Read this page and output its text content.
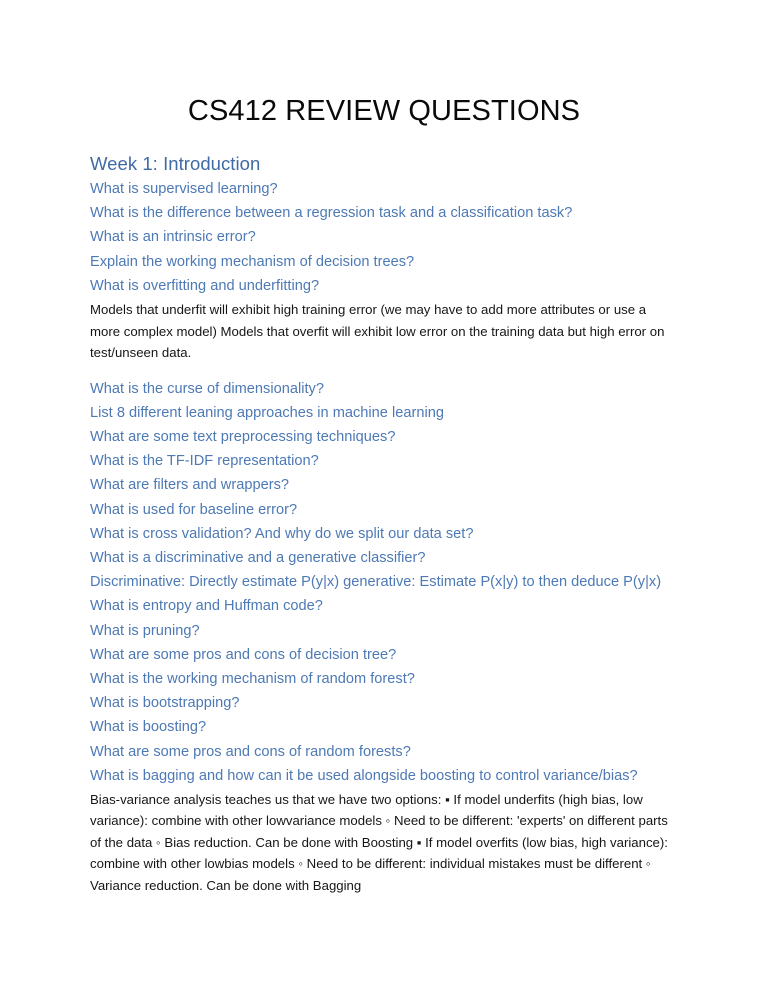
CS412 REVIEW QUESTIONS
Week 1: Introduction

What is supervised learning?

What is the difference between a regression task and a classification task?

What is an intrinsic error?

Explain the working mechanism of decision trees?

What is overfitting and underfitting?

Models that underfit will exhibit high training error (we may have to add more attributes or use a more complex model) Models that overfit will exhibit low error on the training data but high error on test/unseen data.

What is the curse of dimensionality?

List 8 different leaning approaches in machine learning

What are some text preprocessing techniques?

What is the TF-IDF representation?

What are filters and wrappers?

What is used for baseline error?

What is cross validation? And why do we split our data set?

What is a discriminative and a generative classifier?

Discriminative: Directly estimate P(y|x) generative: Estimate P(x|y) to then deduce P(y|x)

What is entropy and Huffman code?

What is pruning?

What are some pros and cons of decision tree?

What is the working mechanism of random forest?

What is bootstrapping?

What is boosting?

What are some pros and cons of random forests?

What is bagging and how can it be used alongside boosting to control variance/bias?

Bias-variance analysis teaches us that we have two options: ▪ If model underfits (high bias, low variance): combine with other lowvariance models ◦ Need to be different: 'experts' on different parts of the data ◦ Bias reduction. Can be done with Boosting ▪ If model overfits (low bias, high variance): combine with other lowbias models ◦ Need to be different: individual mistakes must be different ◦ Variance reduction. Can be done with Bagging
